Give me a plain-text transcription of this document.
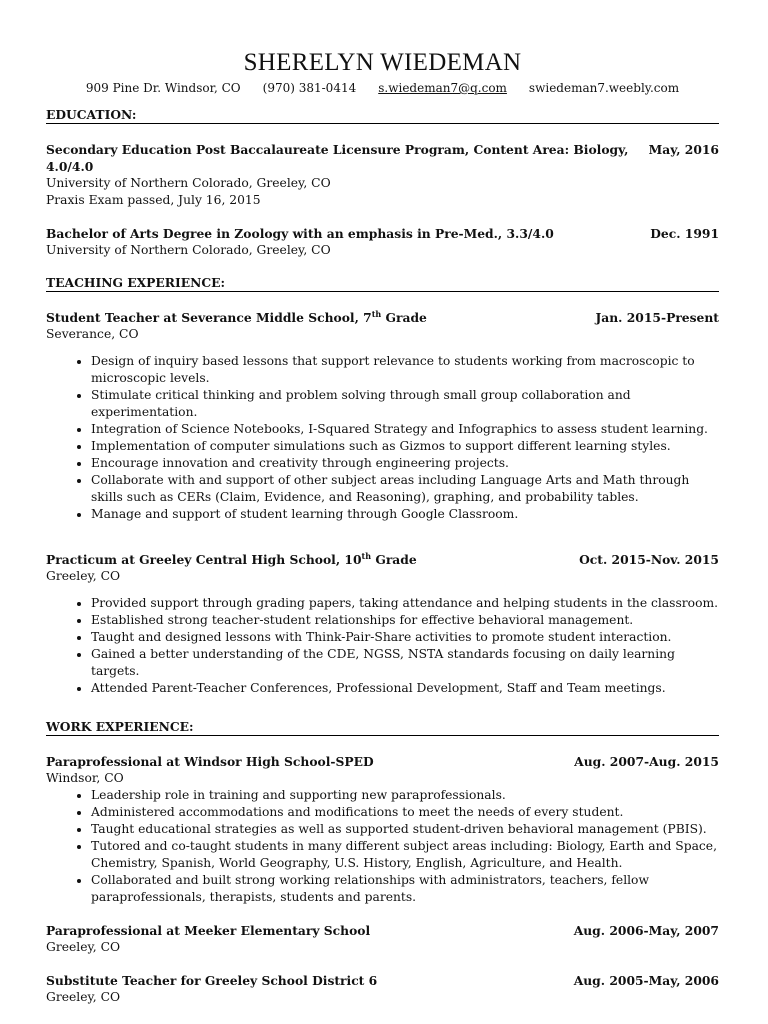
SHERELYN WIEDEMAN
909 Pine Dr. Windsor, CO (970) 381-0414 s.wiedeman7@q.com swiedeman7.weebly.com
EDUCATION:
Secondary Education Post Baccalaureate Licensure Program, Content Area: Biology, 4.0/4.0
May, 2016
University of Northern Colorado, Greeley, CO
Praxis Exam passed, July 16, 2015
Bachelor of Arts Degree in Zoology with an emphasis in Pre-Med., 3.3/4.0	Dec. 1991
University of Northern Colorado, Greeley, CO
TEACHING EXPERIENCE:
Student Teacher at Severance Middle School, 7th Grade	Jan. 2015-Present
Severance, CO
• Design of inquiry based lessons that support relevance to students working from macroscopic to microscopic levels.
• Stimulate critical thinking and problem solving through small group collaboration and experimentation.
• Integration of Science Notebooks, I-Squared Strategy and Infographics to assess student learning.
• Implementation of computer simulations such as Gizmos to support different learning styles.
• Encourage innovation and creativity through engineering projects.
• Collaborate with and support of other subject areas including Language Arts and Math through skills such as CERs (Claim, Evidence, and Reasoning), graphing, and probability tables.
• Manage and support of student learning through Google Classroom.
Practicum at Greeley Central High School, 10th Grade	Oct. 2015-Nov. 2015
Greeley, CO
• Provided support through grading papers, taking attendance and helping students in the classroom.
• Established strong teacher-student relationships for effective behavioral management.
• Taught and designed lessons with Think-Pair-Share activities to promote student interaction.
• Gained a better understanding of the CDE, NGSS, NSTA standards focusing on daily learning targets.
• Attended Parent-Teacher Conferences, Professional Development, Staff and Team meetings.
WORK EXPERIENCE:
Paraprofessional at Windsor High School-SPED	Aug. 2007-Aug. 2015
Windsor, CO
• Leadership role in training and supporting new paraprofessionals.
• Administered accommodations and modifications to meet the needs of every student.
• Taught educational strategies as well as supported student-driven behavioral management (PBIS).
• Tutored and co-taught students in many different subject areas including: Biology, Earth and Space, Chemistry, Spanish, World Geography, U.S. History, English, Agriculture, and Health.
• Collaborated and built strong working relationships with administrators, teachers, fellow paraprofessionals, therapists, students and parents.
Paraprofessional at Meeker Elementary School	Aug. 2006-May, 2007
Greeley, CO
Substitute Teacher for Greeley School District 6	Aug. 2005-May, 2006
Greeley, CO
